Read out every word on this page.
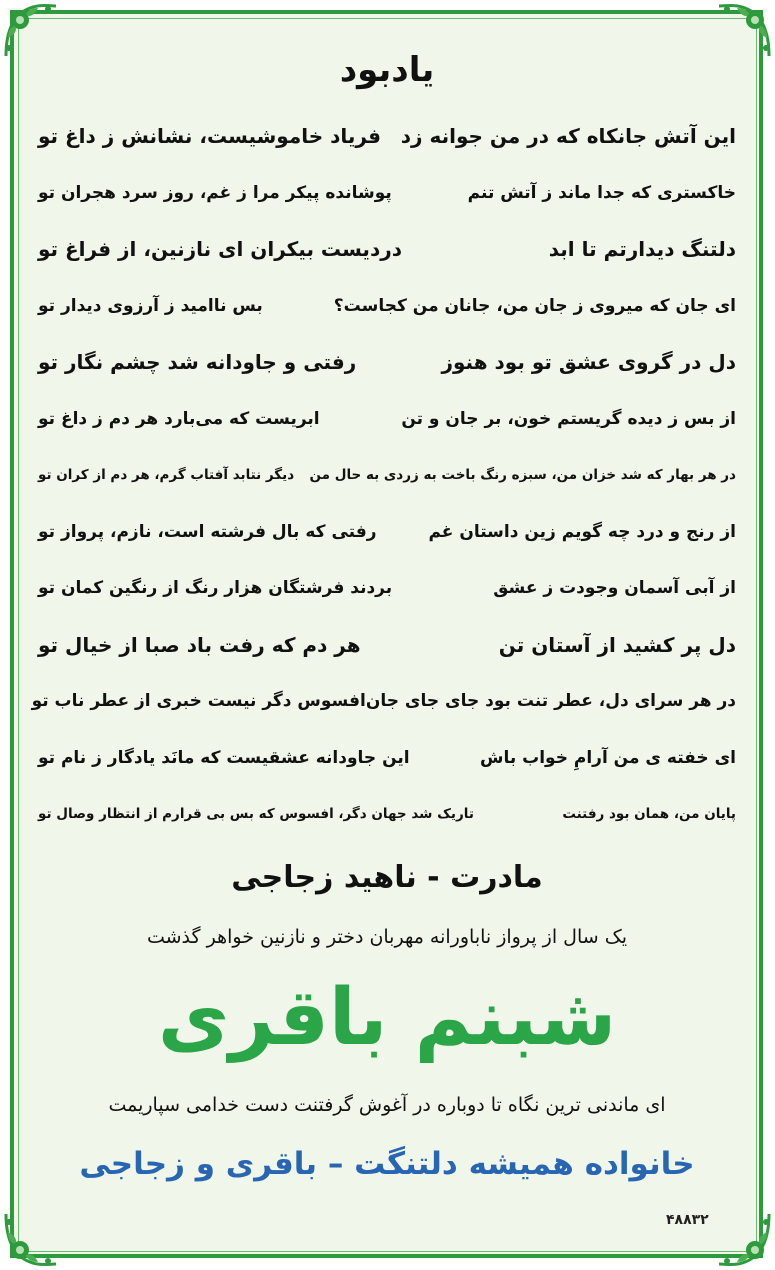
یادبود
این آتش جانکاه که در من جوانه زد
فریاد خاموشیست، نشانش ز داغ تو
خاکستری که جدا ماند ز آتش تنم
پوشانده پیکر مرا ز غم، روز سرد هجران تو
دلتنگ دیدارتم تا ابد
دردیست بیکران ای نازنین، از فراغ تو
ای جان که میروی ز جان من، جانان من کجاست؟
بس ناامید ز آرزوی دیدار تو
دل در گروی عشق تو بود هنوز
رفتی و جاودانه شد چشم نگار تو
از بس ز دیده گریستم خون، بر جان و تن
ابریست که می‌بارد هر دم ز داغ تو
در هر بهار که شد خزان من، سبزه رنگ باخت به زردی به حال من
دیگر نتابد آفتاب گرم، هر دم از کران تو
از رنج و درد چه گویم زین داستان غم
رفتی که بال فرشته است، نازم، پرواز تو
از آبی آسمان وجودت ز عشق
بردند فرشتگان هزار رنگ از رنگین کمان تو
دل پر کشید از آستان تن
هر دم که رفت باد صبا از خیال تو
در هر سرای دل، عطر تنت بود جای جای جان
افسوس دگر نیست خبری از عطر ناب تو
ای خفته ی من آرامِ خواب باش
این جاودانه عشقیست که مانَد یادگار ز نام تو
پایان من، همان بود رفتنت
تاریک شد جهان دگر، افسوس که بس بی قرارم از انتظار وصال تو
مادرت - ناهید زجاجی
یک سال از پرواز ناباورانه مهربان دختر و نازنین خواهر گذشت
شبنم باقری
ای ماندنی ترین نگاه تا دوباره در آغوش گرفتنت دست خدامی سپاریمت
خانواده همیشه دلتنگت – باقری و زجاجی
۴۸۸۳۲
